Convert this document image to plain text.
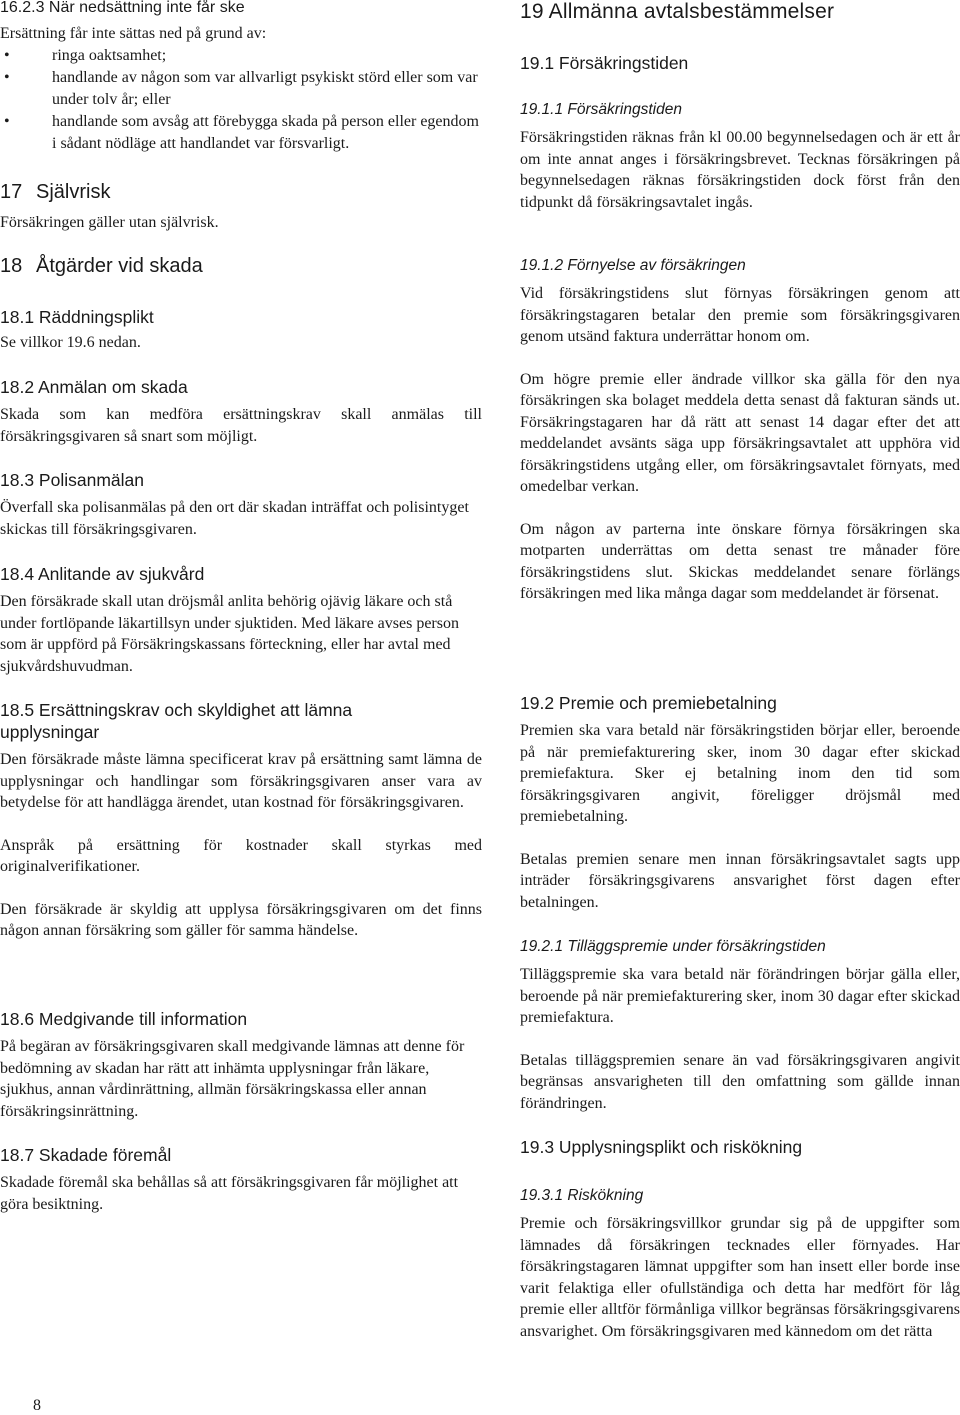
16.2.3 När nedsättning inte får ske

Ersättning får inte sättas ned på grund av:

• ringa oaktsamhet;
• handlande av någon som var allvarligt psykiskt störd eller som var under tolv år; eller
• handlande som avsåg att förebygga skada på person eller egendom i sådant nödläge att handlandet var försvarligt.
17 Självrisk

Försäkringen gäller utan självrisk.

18 Åtgärder vid skada
18.1 Räddningsplikt

Se villkor 19.6 nedan.

18.2 Anmälan om skada

Skada som kan medföra ersättningskrav skall anmälas till försäkringsgivaren så snart som möjligt.

18.3 Polisanmälan

Överfall ska polisanmälas på den ort där skadan inträffat och polisintyget skickas till försäkringsgivaren.

18.4 Anlitande av sjukvård

Den försäkrade skall utan dröjsmål anlita behörig ojävig läkare och stå under fortlöpande läkartillsyn under sjuktiden. Med läkare avses person som är uppförd på Försäkringskassans förteckning, eller har avtal med sjukvårdshuvudman.

18.5 Ersättningskrav och skyldighet att lämna upplysningar

Den försäkrade måste lämna specificerat krav på ersättning samt lämna de upplysningar och handlingar som försäkringsgivaren anser vara av betydelse för att handlägga ärendet, utan kostnad för försäkringsgivaren.

Anspråk på ersättning för kostnader skall styrkas med originalverifikationer.

Den försäkrade är skyldig att upplysa försäkringsgivaren om det finns någon annan försäkring som gäller för samma händelse.

18.6 Medgivande till information

På begäran av försäkringsgivaren skall medgivande lämnas att denne för bedömning av skadan har rätt att inhämta upplysningar från läkare, sjukhus, annan vårdinrättning, allmän försäkringskassa eller annan försäkringsinrättning.

18.7 Skadade föremål

Skadade föremål ska behållas så att försäkringsgivaren får möjlighet att göra besiktning.

19 Allmänna avtalsbestämmelser
19.1 Försäkringstiden
19.1.1 Försäkringstiden

Försäkringstiden räknas från kl 00.00 begynnelsedagen och är ett år om inte annat anges i försäkringsbrevet. Tecknas försäkringen på begynnelsedagen räknas försäkringstiden dock först från den tidpunkt då försäkringsavtalet ingås.

19.1.2 Förnyelse av försäkringen

Vid försäkringstidens slut förnyas försäkringen genom att försäkringstagaren betalar den premie som försäkringsgivaren genom utsänd faktura underrättar honom om.

Om högre premie eller ändrade villkor ska gälla för den nya försäkringen ska bolaget meddela detta senast då fakturan sänds ut. Försäkringstagaren har då rätt att senast 14 dagar efter det att meddelandet avsänts säga upp försäkringsavtalet att upphöra vid försäkringstidens utgång eller, om försäkringsavtalet förnyats, med omedelbar verkan.

Om någon av parterna inte önskare förnya försäkringen ska motparten underrättas om detta senast tre månader före försäkringstidens slut. Skickas meddelandet senare förlängs försäkringen med lika många dagar som meddelandet är försenat.

19.2 Premie och premiebetalning

Premien ska vara betald när försäkringstiden börjar eller, beroende på när premiefakturering sker, inom 30 dagar efter skickad premiefaktura. Sker ej betalning inom den tid som försäkringsgivaren angivit, föreligger dröjsmål med premiebetalning.

Betalas premien senare men innan försäkringsavtalet sagts upp inträder försäkringsgivarens ansvarighet först dagen efter betalningen.

19.2.1 Tilläggspremie under försäkringstiden

Tilläggspremie ska vara betald när förändringen börjar gälla eller, beroende på när premiefakturering sker, inom 30 dagar efter skickad premiefaktura.

Betalas tilläggspremien senare än vad försäkringsgivaren angivit begränsas ansvarigheten till den omfattning som gällde innan förändringen.

19.3 Upplysningsplikt och riskökning
19.3.1 Riskökning

Premie och försäkringsvillkor grundar sig på de uppgifter som lämnades då försäkringen tecknades eller förnyades. Har försäkringstagaren lämnat uppgifter som han insett eller borde inse varit felaktiga eller ofullständiga och detta har medfört för låg premie eller alltför förmånliga villkor begränsas försäkringsgivarens ansvarighet. Om försäkringsgivaren med kännedom om det rätta

8
